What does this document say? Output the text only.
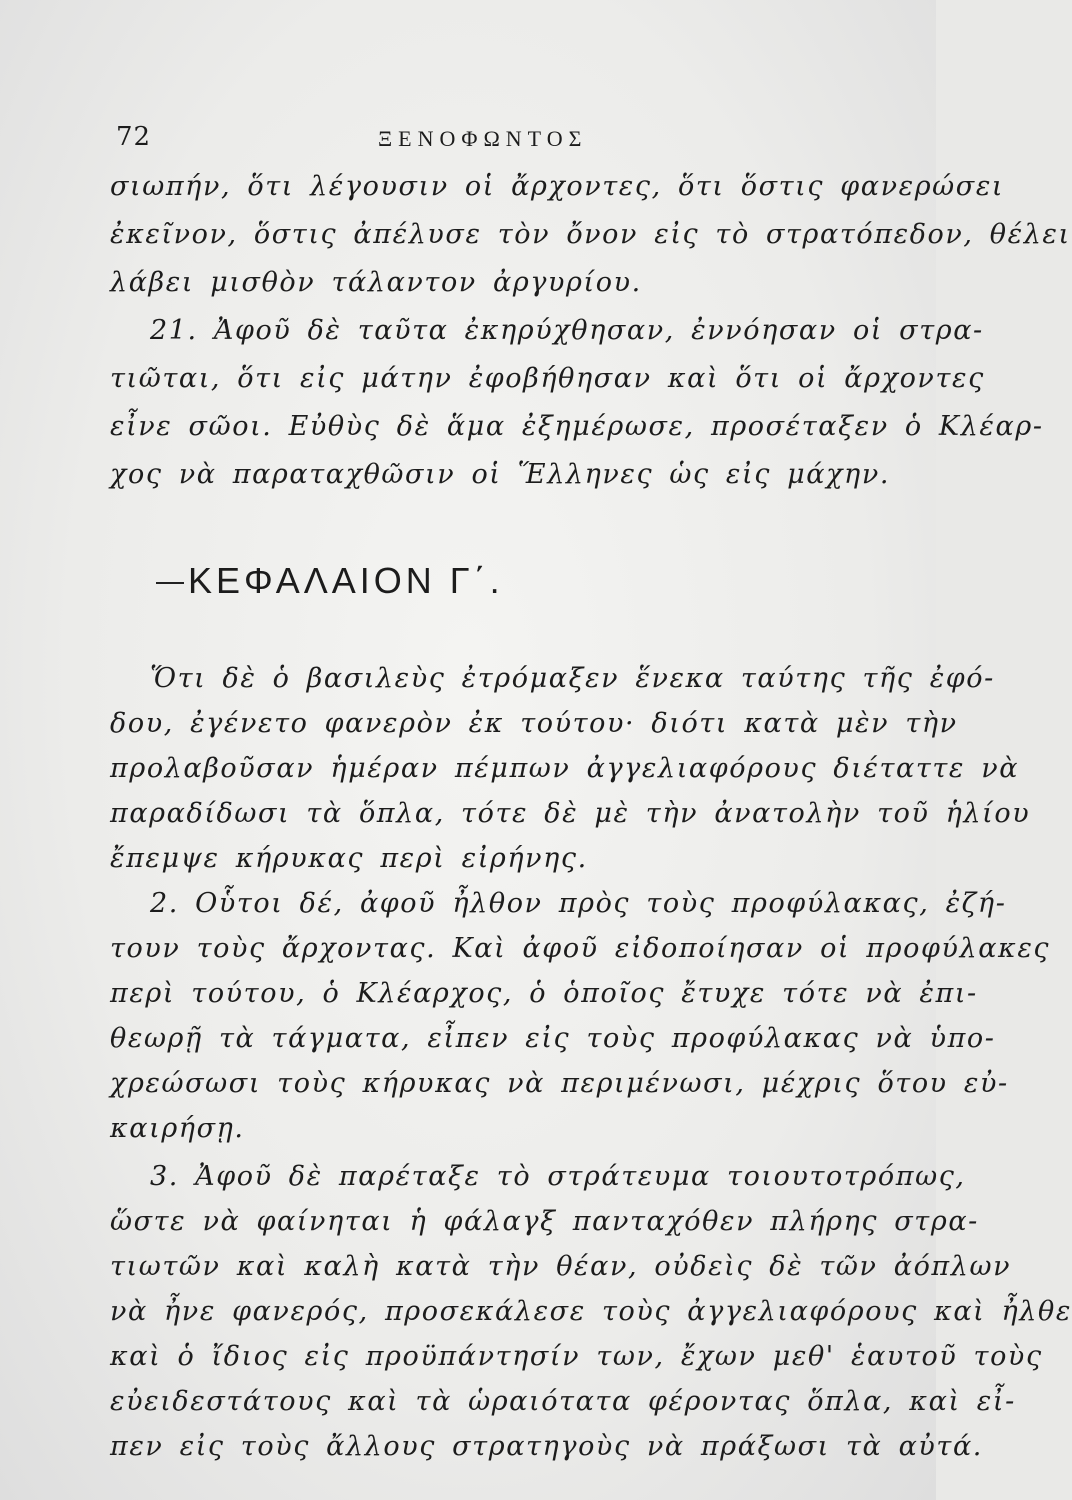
72	ΞΕΝΟΦΩΝΤΟΣ
σιωπήν, ὅτι λέγουσιν οἱ ἄρχοντες, ὅτι ὅστις φανερώσει
ἐκεῖνον, ὅστις ἀπέλυσε τὸν ὄνον εἰς τὸ στρατόπεδον, θέλει
λάβει μισθὸν τάλαντον ἀργυρίου.
21. Ἀφοῦ δὲ ταῦτα ἐκηρύχθησαν, ἐννόησαν οἱ στρα-
τιῶται, ὅτι εἰς μάτην ἐφοβήθησαν καὶ ὅτι οἱ ἄρχοντες
εἶνε σῶοι. Εὐθὺς δὲ ἅμα ἐξημέρωσε, προσέταξεν ὁ Κλέαρ-
χος νὰ παραταχθῶσιν οἱ Ἕλληνες ὡς εἰς μάχην.
ΚΕΦΑΛΑΙΟΝ Γ΄.
Ὅτι δὲ ὁ βασιλεὺς ἐτρόμαξεν ἕνεκα ταύτης τῆς ἐφό-
δου, ἐγένετο φανερὸν ἐκ τούτου· διότι κατὰ μὲν τὴν
προλαβοῦσαν ἡμέραν πέμπων ἀγγελιαφόρους διέταττε νὰ
παραδίδωσι τὰ ὅπλα, τότε δὲ μὲ τὴν ἀνατολὴν τοῦ ἡλίου
ἔπεμψε κήρυκας περὶ εἰρήνης.
2. Οὗτοι δέ, ἀφοῦ ἦλθον πρὸς τοὺς προφύλακας, ἐζή-
τουν τοὺς ἄρχοντας. Καὶ ἀφοῦ εἰδοποίησαν οἱ προφύλακες
περὶ τούτου, ὁ Κλέαρχος, ὁ ὁποῖος ἔτυχε τότε νὰ ἐπι-
θεωρῇ τὰ τάγματα, εἶπεν εἰς τοὺς προφύλακας νὰ ὑπο-
χρεώσωσι τοὺς κήρυκας νὰ περιμένωσι, μέχρις ὅτου εὐ-
καιρήσῃ.
3. Ἀφοῦ δὲ παρέταξε τὸ στράτευμα τοιουτοτρόπως,
ὥστε νὰ φαίνηται ἡ φάλαγξ πανταχόθεν πλήρης στρα-
τιωτῶν καὶ καλὴ κατὰ τὴν θέαν, οὐδεὶς δὲ τῶν ἀόπλων
νὰ ἦνε φανερός, προσεκάλεσε τοὺς ἀγγελιαφόρους καὶ ἦλθε
καὶ ὁ ἴδιος εἰς προϋπάντησίν των, ἔχων μεθ' ἑαυτοῦ τοὺς
εὐειδεστάτους καὶ τὰ ὡραιότατα φέροντας ὅπλα, καὶ εἶ-
πεν εἰς τοὺς ἄλλους στρατηγοὺς νὰ πράξωσι τὰ αὐτά.
